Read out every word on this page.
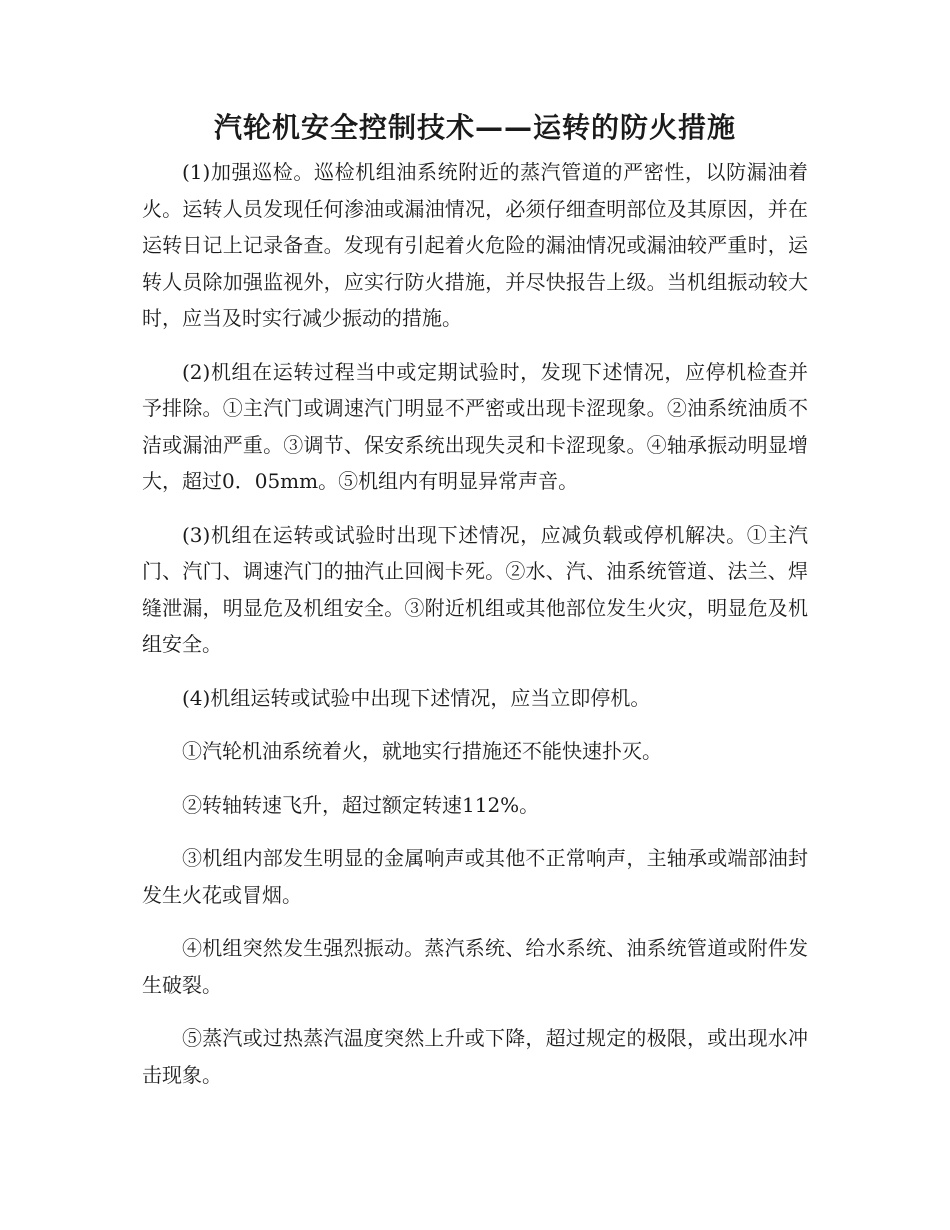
汽轮机安全控制技术——运转的防火措施

(1)加强巡检。巡检机组油系统附近的蒸汽管道的严密性，以防漏油着火。运转人员发现任何渗油或漏油情况，必须仔细查明部位及其原因，并在运转日记上记录备查。发现有引起着火危险的漏油情况或漏油较严重时，运转人员除加强监视外，应实行防火措施，并尽快报告上级。当机组振动较大时，应当及时实行减少振动的措施。

(2)机组在运转过程当中或定期试验时，发现下述情况，应停机检查并予排除。①主汽门或调速汽门明显不严密或出现卡涩现象。②油系统油质不洁或漏油严重。③调节、保安系统出现失灵和卡涩现象。④轴承振动明显增大，超过0．05mm。⑤机组内有明显异常声音。

(3)机组在运转或试验时出现下述情况，应减负载或停机解决。①主汽门、汽门、调速汽门的抽汽止回阀卡死。②水、汽、油系统管道、法兰、焊缝泄漏，明显危及机组安全。③附近机组或其他部位发生火灾，明显危及机组安全。

(4)机组运转或试验中出现下述情况，应当立即停机。

①汽轮机油系统着火，就地实行措施还不能快速扑灭。

②转轴转速飞升，超过额定转速112%。

③机组内部发生明显的金属响声或其他不正常响声，主轴承或端部油封发生火花或冒烟。

④机组突然发生强烈振动。蒸汽系统、给水系统、油系统管道或附件发生破裂。

⑤蒸汽或过热蒸汽温度突然上升或下降，超过规定的极限，或出现水冲击现象。
